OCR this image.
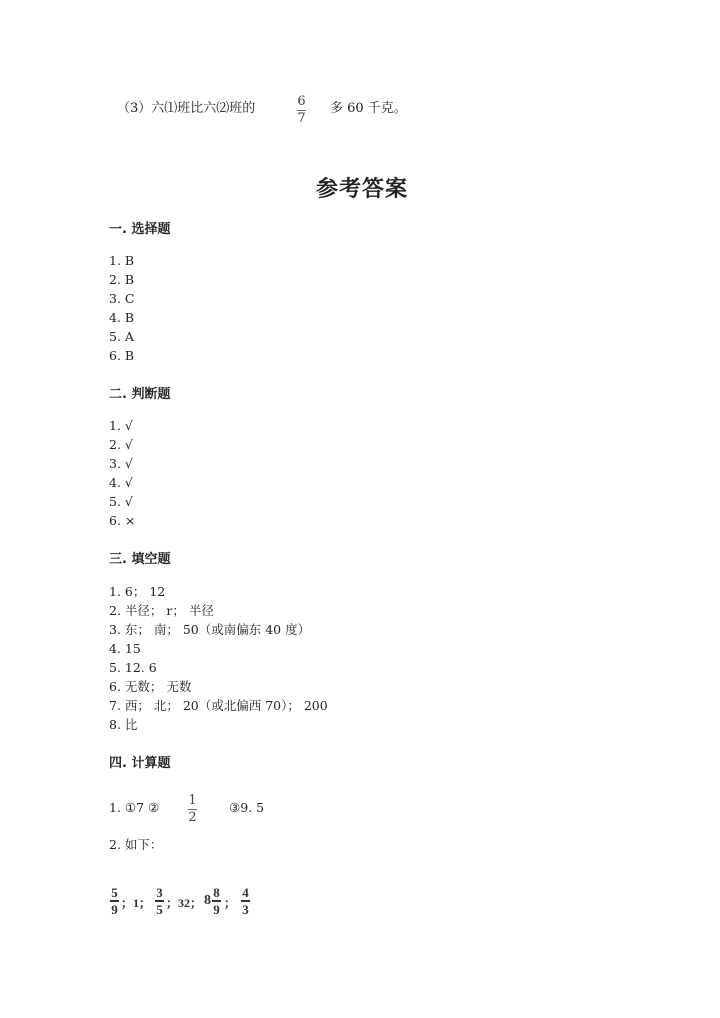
（3）六⑴班比六⑵班的	6
7
多 60 千克。
参考答案
一. 选择题
1. B
2. B
3. C
4. B
5. A
6. B
二. 判断题
1. √
2. √
3. √
4. √
5. √
6. ×
三. 填空题
1. 6； 12
2. 半径； r； 半径
3. 东； 南； 50（或南偏东 40 度）
4. 15
5. 12. 6
6. 无数； 无数
7. 西； 北； 20（或北偏西 70）； 200
8. 比
四. 计算题
1. ①7 ② 1
2
③9. 5
2. 如下：
5
9 ；1；
3
5 ；32； 8
8
9 ；
4
3
